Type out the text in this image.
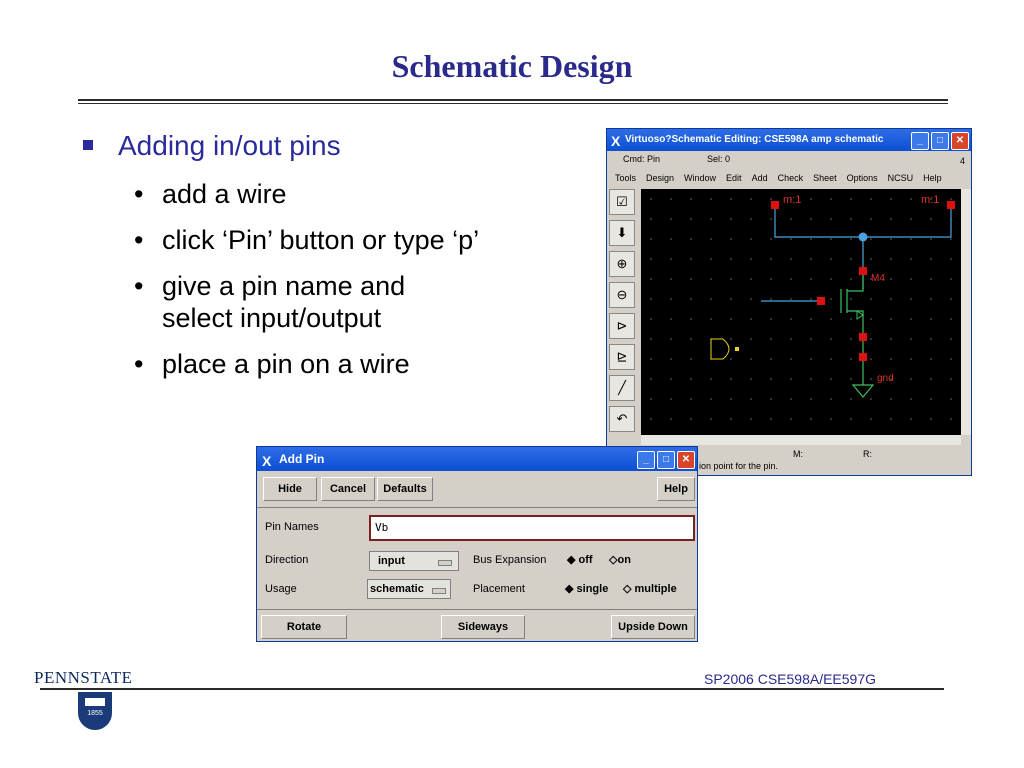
Schematic Design
Adding in/out pins
• add a wire
• click ‘Pin’ button or type ‘p’
• give a pin name and select input/output
• place a pin on a wire
X Virtuoso?Schematic Editing: CSE598A amp schematic	_	□	✕
Cmd: Pin	Sel: 0	4
Tools Design Window Edit Add Check Sheet Options NCSU Help
☑
⬇
⊕
⊖
⊳
⊵
╱
↶
m:1	m:1
M4
gnd
M:	R:
ion point for the pin.
X Add Pin	_	□	✕
Hide	Cancel	Defaults	Help
Pin Names	Vb
Direction	input	Bus Expansion ◆ off ◇on
Usage	schematic	Placement	◆ single ◇ multiple
Rotate	Sideways	Upside Down
PENNSTATE
1855
SP2006 CSE598A/EE597G
